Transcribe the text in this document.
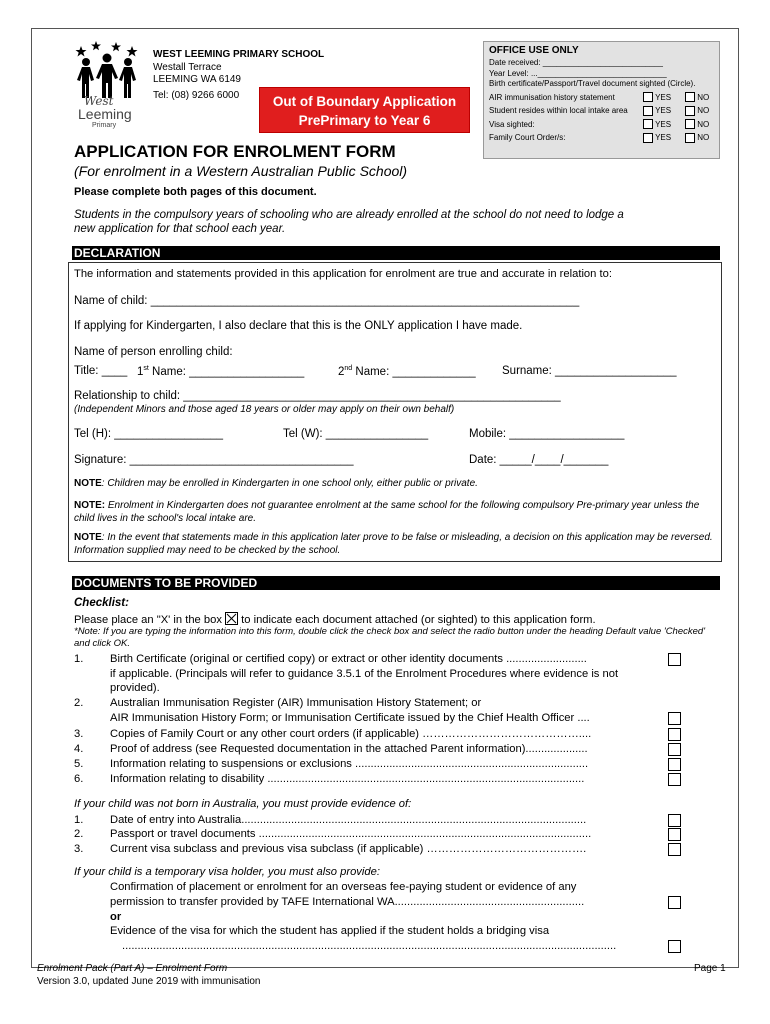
West
Leeming
Primary
WEST LEEMING PRIMARY SCHOOL
Westall Terrace
LEEMING WA 6149
Tel: (08) 9266 6000	Out of Boundary Application
PrePrimary to Year 6
OFFICE USE ONLY
Date received: ___________________________
Year Level: ..._____________________________
Birth certificate/Passport/Travel document sighted (Circle).
AIR immunisation history statement	YES	NO
Student resides within local intake area	YES	NO
Visa sighted:	YES	NO
Family Court Order/s:	YES	NO
APPLICATION FOR ENROLMENT FORM
(For enrolment in a Western Australian Public School)
Please complete both pages of this document.
Students in the compulsory years of schooling who are already enrolled at the school do not need to lodge a
new application for that school each year.
DECLARATION
The information and statements provided in this application for enrolment are true and accurate in relation to:
Name of child: ___________________________________________________________________
If applying for Kindergarten, I also declare that this is the ONLY application I have made.
Name of person enrolling child:
Title: ____ 1st Name: __________________	2nd Name: _____________ Surname: ___________________
Relationship to child: ___________________________________________________________
(Independent Minors and those aged 18 years or older may apply on their own behalf)
Tel (H): _________________	Tel (W): ________________	Mobile: __________________
Signature: ___________________________________	Date: _____/____/_______
NOTE: Children may be enrolled in Kindergarten in one school only, either public or private.
NOTE: Enrolment in Kindergarten does not guarantee enrolment at the same school for the following compulsory Pre-primary year unless the child lives in the school's local intake are.
NOTE: In the event that statements made in this application later prove to be false or misleading, a decision on this application may be reversed. Information supplied may need to be checked by the school.
DOCUMENTS TO BE PROVIDED
Checklist:
Please place an "X' in the box to indicate each document attached (or sighted) to this application form.
*Note: If you are typing the information into this form, double click the check box and select the radio button under the heading Default value 'Checked' and click OK.
1. Birth Certificate (original or certified copy) or extract or other identity documents ..........................
if applicable. (Principals will refer to guidance 3.5.1 of the Enrolment Procedures where evidence is not
provided).
2. Australian Immunisation Register (AIR) Immunisation History Statement; or
AIR Immunisation History Form; or Immunisation Certificate issued by the Chief Health Officer ....
3. Copies of Family Court or any other court orders (if applicable) ……………………………………....
4. Proof of address (see Requested documentation in the attached Parent information)....................
5. Information relating to suspensions or exclusions ...........................................................................
6. Information relating to disability ......................................................................................................
If your child was not born in Australia, you must provide evidence of:
1. Date of entry into Australia...............................................................................................................
2. Passport or travel documents ...........................................................................................................
3. Current visa subclass and previous visa subclass (if applicable) …………………………………….
If your child is a temporary visa holder, you must also provide:
Confirmation of placement or enrolment for an overseas fee-paying student or evidence of any
permission to transfer provided by TAFE International WA.............................................................
or
Evidence of the visa for which the student has applied if the student holds a bridging visa
...............................................................................................................................................................
Enrolment Pack (Part A) – Enrolment Form
Version 3.0, updated June 2019 with immunisation
Page 1
